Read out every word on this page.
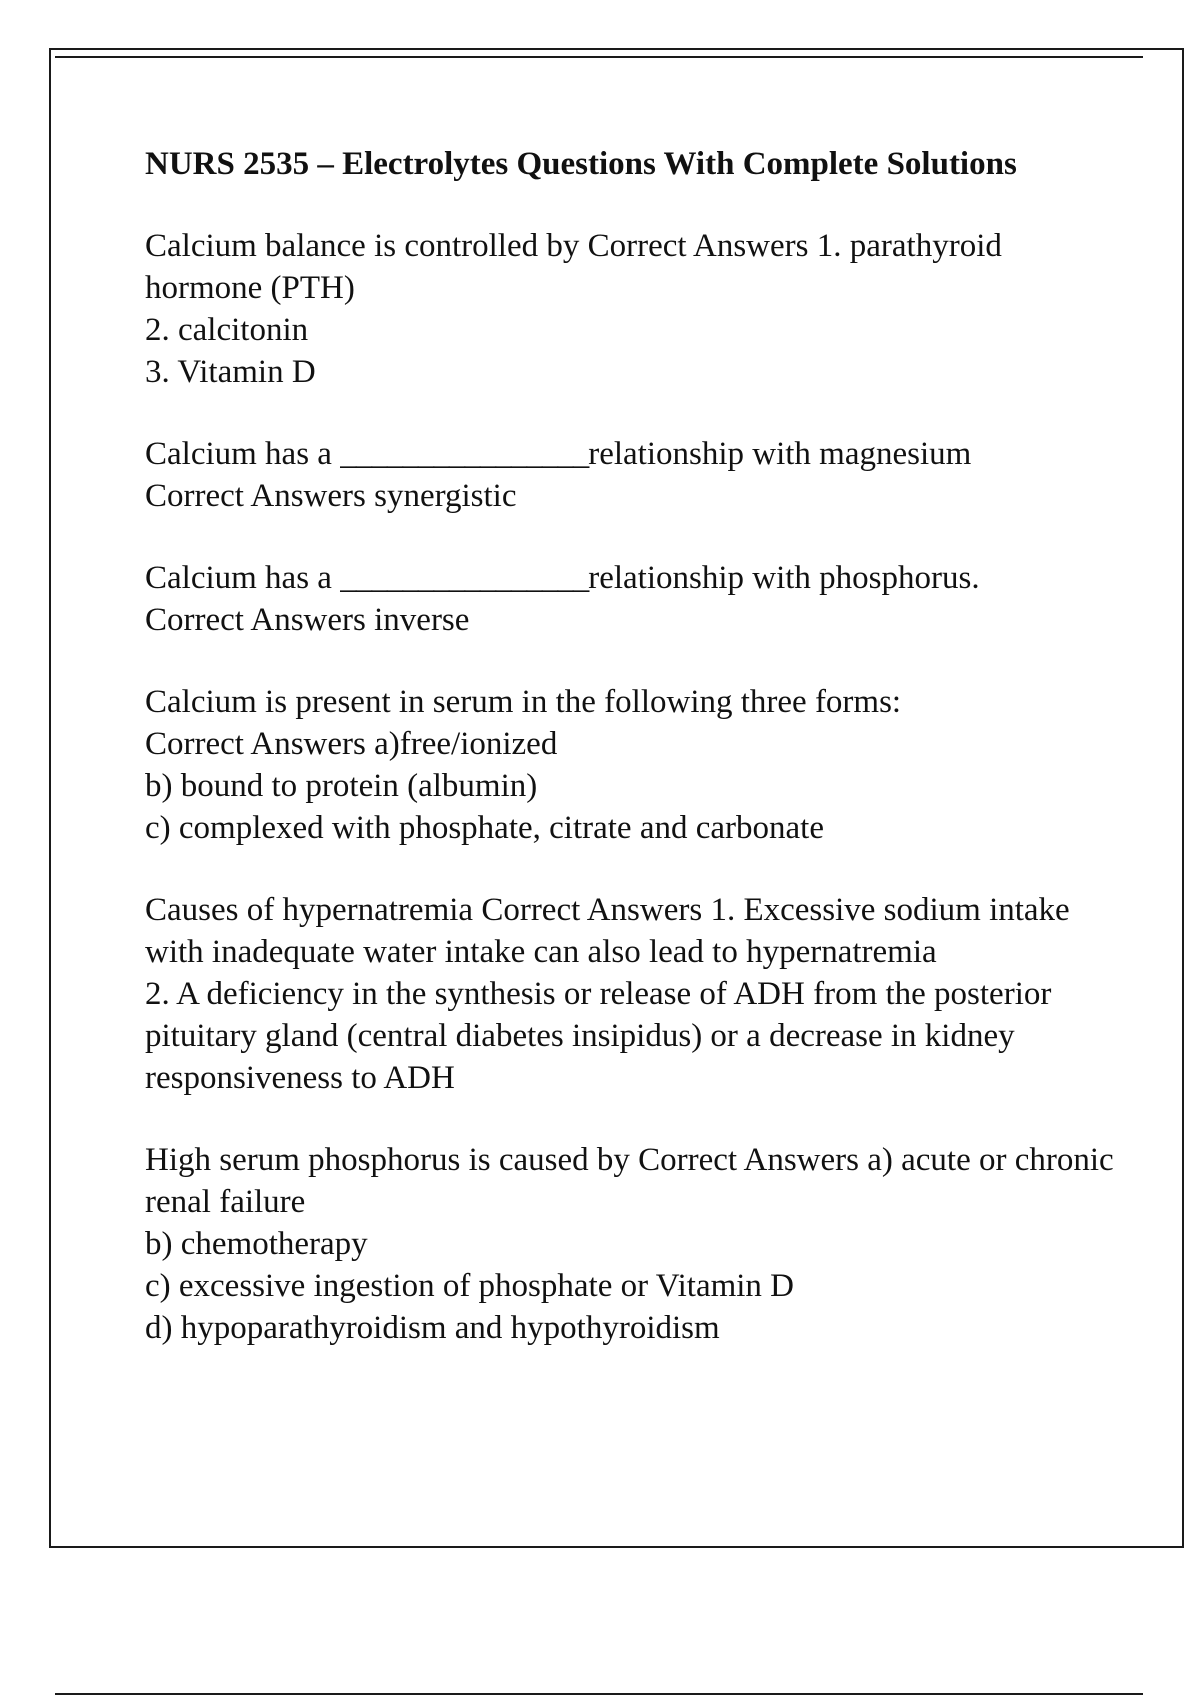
NURS 2535 – Electrolytes Questions With Complete Solutions

Calcium balance is controlled by Correct Answers 1. parathyroid hormone (PTH)

2. calcitonin
3. Vitamin D

Calcium has a ________________relationship with magnesium
Correct Answers synergistic

Calcium has a ________________relationship with phosphorus.
Correct Answers inverse

Calcium is present in serum in the following three forms:
Correct Answers a)free/ionized

b) bound to protein (albumin)
c) complexed with phosphate, citrate and carbonate

Causes of hypernatremia Correct Answers 1. Excessive sodium intake with inadequate water intake can also lead to hypernatremia

2. A deficiency in the synthesis or release of ADH from the posterior pituitary gland (central diabetes insipidus) or a decrease in kidney responsiveness to ADH

High serum phosphorus is caused by Correct Answers a) acute or chronic renal failure

b) chemotherapy
c) excessive ingestion of phosphate or Vitamin D
d) hypoparathyroidism and hypothyroidism
